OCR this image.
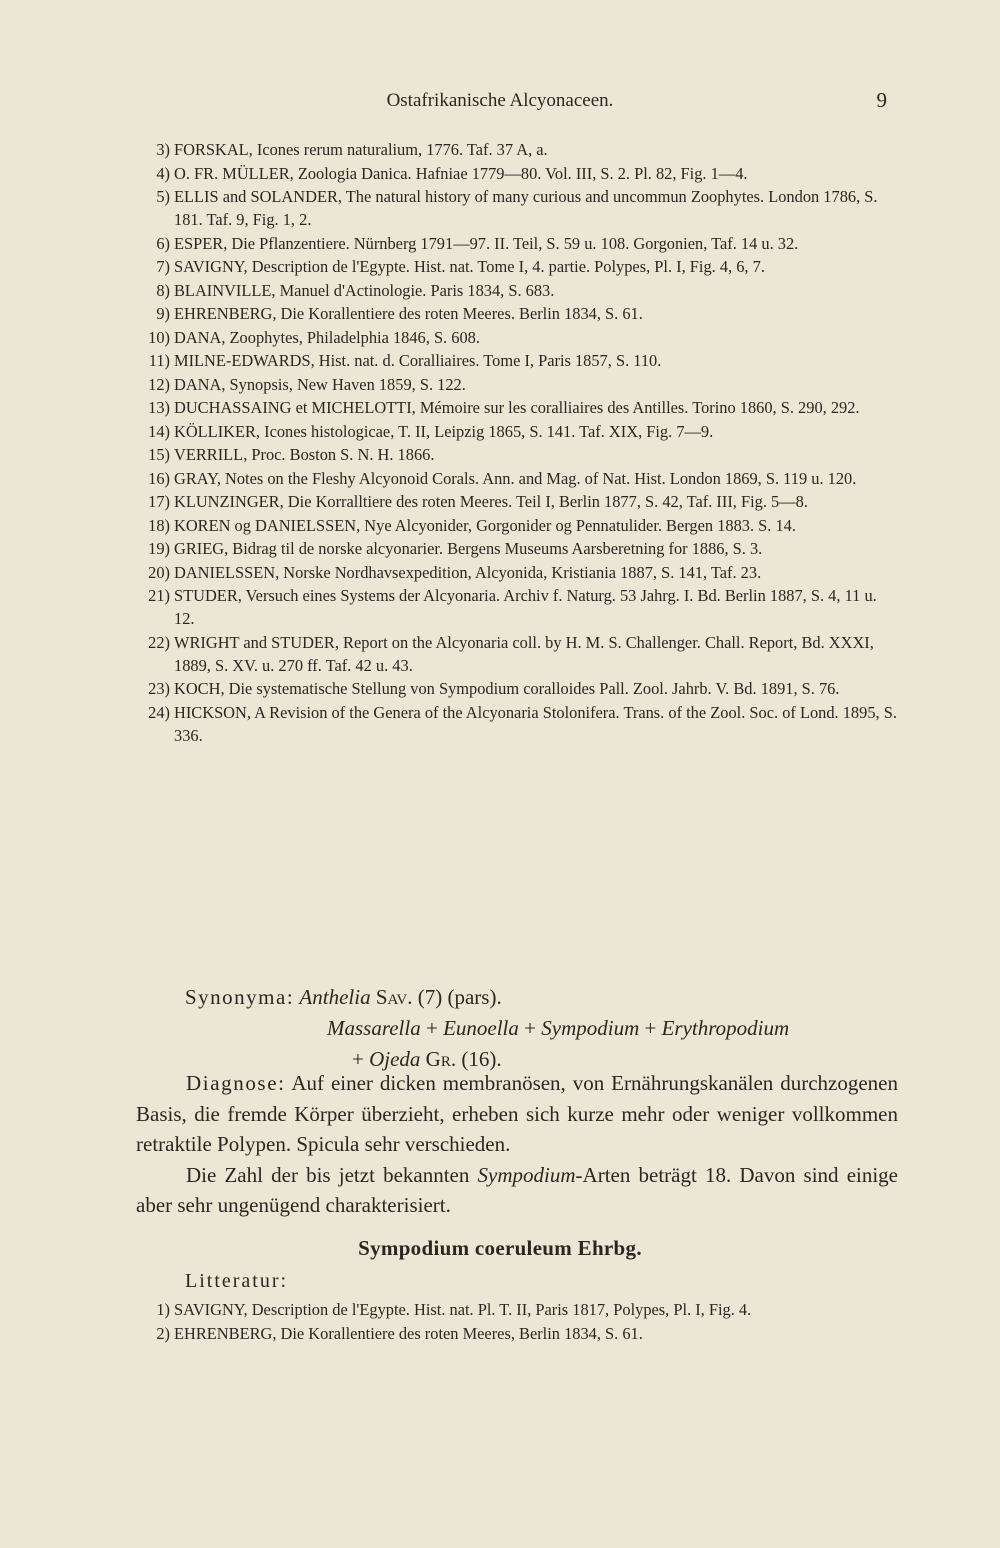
Ostafrikanische Alcyonaceen.	9
3) FORSKAL, Icones rerum naturalium, 1776. Taf. 37 A, a.
4) O. FR. MÜLLER, Zoologia Danica. Hafniae 1779—80. Vol. III, S. 2. Pl. 82, Fig. 1—4.
5) ELLIS and SOLANDER, The natural history of many curious and uncommun Zoophytes. London 1786, S. 181. Taf. 9, Fig. 1, 2.
6) ESPER, Die Pflanzentiere. Nürnberg 1791—97. II. Teil, S. 59 u. 108. Gorgonien, Taf. 14 u. 32.
7) SAVIGNY, Description de l'Egypte. Hist. nat. Tome I, 4. partie. Polypes, Pl. I, Fig. 4, 6, 7.
8) BLAINVILLE, Manuel d'Actinologie. Paris 1834, S. 683.
9) EHRENBERG, Die Korallentiere des roten Meeres. Berlin 1834, S. 61.
10) DANA, Zoophytes, Philadelphia 1846, S. 608.
11) MILNE-EDWARDS, Hist. nat. d. Coralliaires. Tome I, Paris 1857, S. 110.
12) DANA, Synopsis, New Haven 1859, S. 122.
13) DUCHASSAING et MICHELOTTI, Mémoire sur les coralliaires des Antilles. Torino 1860, S. 290, 292.
14) KÖLLIKER, Icones histologicae, T. II, Leipzig 1865, S. 141. Taf. XIX, Fig. 7—9.
15) VERRILL, Proc. Boston S. N. H. 1866.
16) GRAY, Notes on the Fleshy Alcyonoid Corals. Ann. and Mag. of Nat. Hist. London 1869, S. 119 u. 120.
17) KLUNZINGER, Die Korralltiere des roten Meeres. Teil I, Berlin 1877, S. 42, Taf. III, Fig. 5—8.
18) KOREN og DANIELSSEN, Nye Alcyonider, Gorgonider og Pennatulider. Bergen 1883. S. 14.
19) GRIEG, Bidrag til de norske alcyonarier. Bergens Museums Aarsberetning for 1886, S. 3.
20) DANIELSSEN, Norske Nordhavsexpedition, Alcyonida, Kristiania 1887, S. 141, Taf. 23.
21) STUDER, Versuch eines Systems der Alcyonaria. Archiv f. Naturg. 53 Jahrg. I. Bd. Berlin 1887, S. 4, 11 u. 12.
22) WRIGHT and STUDER, Report on the Alcyonaria coll. by H. M. S. Challenger. Chall. Report, Bd. XXXI, 1889, S. XV. u. 270 ff. Taf. 42 u. 43.
23) KOCH, Die systematische Stellung von Sympodium coralloides Pall. Zool. Jahrb. V. Bd. 1891, S. 76.
24) HICKSON, A Revision of the Genera of the Alcyonaria Stolonifera. Trans. of the Zool. Soc. of Lond. 1895, S. 336.
Synonyma: Anthelia Sav. (7) (pars).
Massarella + Eunoella + Sympodium + Erythropodium
+ Ojeda Gr. (16).

Diagnose: Auf einer dicken membranösen, von Ernährungskanälen durchzogenen Basis, die fremde Körper überzieht, erheben sich kurze mehr oder weniger vollkommen retraktile Polypen. Spicula sehr verschieden.

Die Zahl der bis jetzt bekannten Sympodium-Arten beträgt 18. Davon sind einige aber sehr ungenügend charakterisiert.

Sympodium coeruleum Ehrbg.
Litteratur:
1) SAVIGNY, Description de l'Egypte. Hist. nat. Pl. T. II, Paris 1817, Polypes, Pl. I, Fig. 4.
2) EHRENBERG, Die Korallentiere des roten Meeres, Berlin 1834, S. 61.
